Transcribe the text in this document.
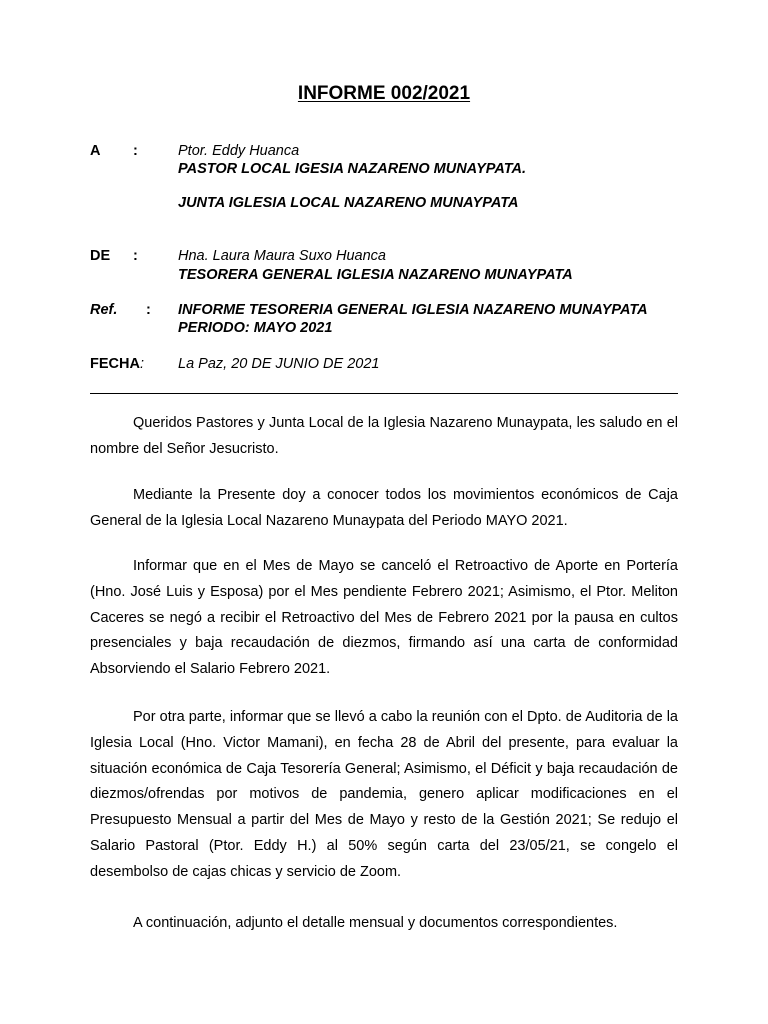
INFORME 002/2021
A :	Ptor. Eddy Huanca
PASTOR LOCAL IGESIA NAZARENO MUNAYPATA.
JUNTA IGLESIA LOCAL NAZARENO MUNAYPATA
DE :	Hna. Laura Maura Suxo Huanca
TESORERA GENERAL IGLESIA NAZARENO MUNAYPATA
Ref. : INFORME TESORERIA GENERAL IGLESIA NAZARENO MUNAYPATA
PERIODO: MAYO 2021
FECHA: La Paz, 20 DE JUNIO DE 2021

Queridos Pastores y Junta Local de la Iglesia Nazareno Munaypata, les saludo en el nombre del Señor Jesucristo.

Mediante la Presente doy a conocer todos los movimientos económicos de Caja General de la Iglesia Local Nazareno Munaypata del Periodo MAYO 2021.

Informar que en el Mes de Mayo se canceló el Retroactivo de Aporte en Portería (Hno. José Luis y Esposa) por el Mes pendiente Febrero 2021; Asimismo, el Ptor. Meliton Caceres se negó a recibir el Retroactivo del Mes de Febrero 2021 por la pausa en cultos presenciales y baja recaudación de diezmos, firmando así una carta de conformidad Absorviendo el Salario Febrero 2021.

Por otra parte, informar que se llevó a cabo la reunión con el Dpto. de Auditoria de la Iglesia Local (Hno. Victor Mamani), en fecha 28 de Abril del presente, para evaluar la situación económica de Caja Tesorería General; Asimismo, el Déficit y baja recaudación de diezmos/ofrendas por motivos de pandemia, genero aplicar modificaciones en el Presupuesto Mensual a partir del Mes de Mayo y resto de la Gestión 2021; Se redujo el Salario Pastoral (Ptor. Eddy H.) al 50% según carta del 23/05/21, se congelo el desembolso de cajas chicas y servicio de Zoom.

A continuación, adjunto el detalle mensual y documentos correspondientes.
